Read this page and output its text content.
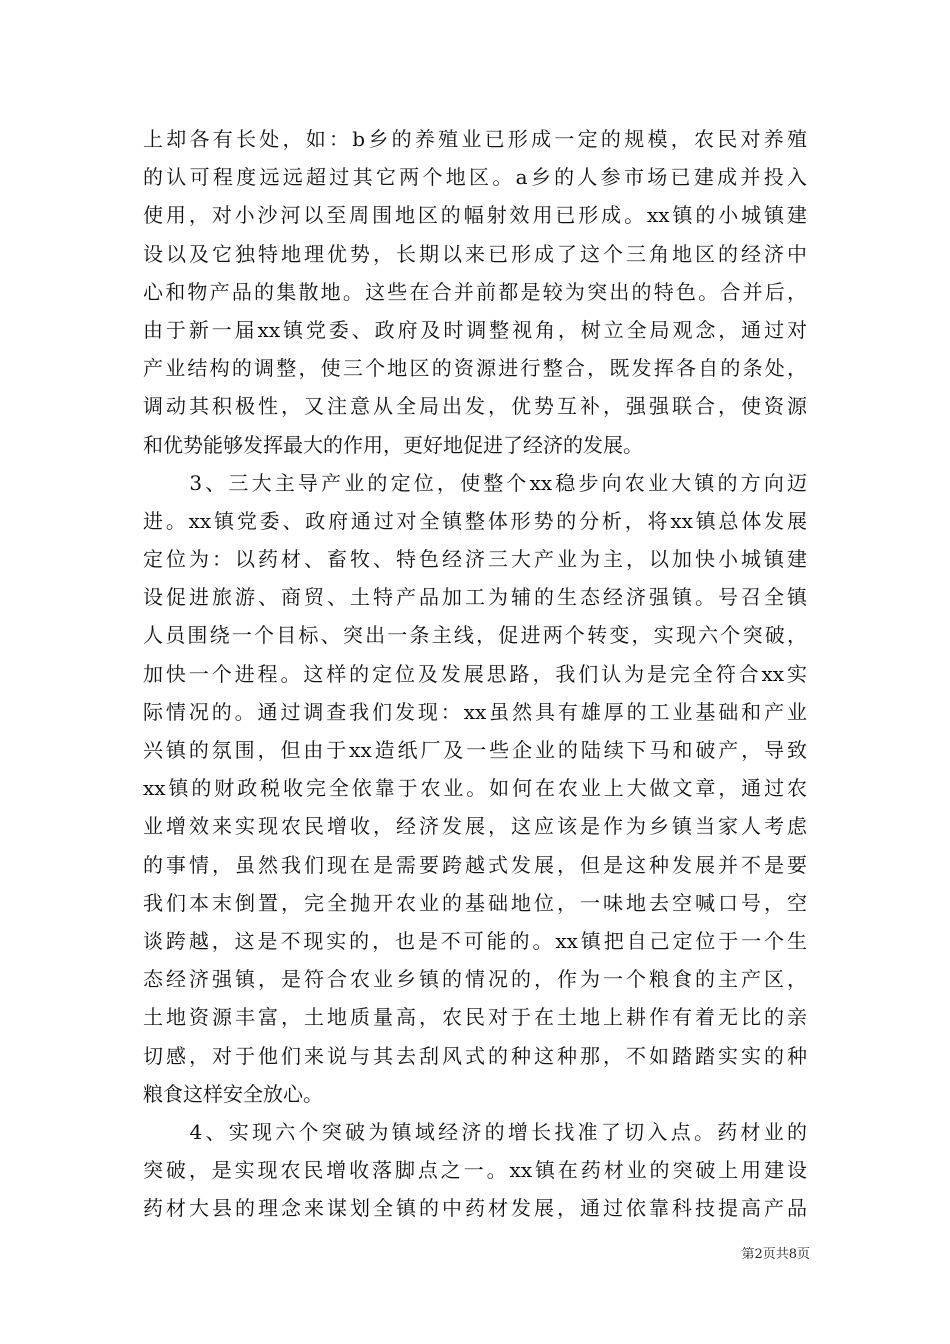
上却各有长处，如：b乡的养殖业已形成一定的规模，农民对养殖
的认可程度远远超过其它两个地区。a乡的人参市场已建成并投入
使用，对小沙河以至周围地区的幅射效用已形成。xx镇的小城镇建
设以及它独特地理优势，长期以来已形成了这个三角地区的经济中
心和物产品的集散地。这些在合并前都是较为突出的特色。合并后，
由于新一届xx镇党委、政府及时调整视角，树立全局观念，通过对
产业结构的调整，使三个地区的资源进行整合，既发挥各自的条处，
调动其积极性，又注意从全局出发，优势互补，强强联合，使资源
和优势能够发挥最大的作用，更好地促进了经济的发展。
　　3、三大主导产业的定位，使整个xx稳步向农业大镇的方向迈
进。xx镇党委、政府通过对全镇整体形势的分析，将xx镇总体发展
定位为：以药材、畜牧、特色经济三大产业为主，以加快小城镇建
设促进旅游、商贸、土特产品加工为辅的生态经济强镇。号召全镇
人员围绕一个目标、突出一条主线，促进两个转变，实现六个突破，
加快一个进程。这样的定位及发展思路，我们认为是完全符合xx实
际情况的。通过调查我们发现：xx虽然具有雄厚的工业基础和产业
兴镇的氛围，但由于xx造纸厂及一些企业的陆续下马和破产，导致
xx镇的财政税收完全依靠于农业。如何在农业上大做文章，通过农
业增效来实现农民增收，经济发展，这应该是作为乡镇当家人考虑
的事情，虽然我们现在是需要跨越式发展，但是这种发展并不是要
我们本末倒置，完全抛开农业的基础地位，一味地去空喊口号，空
谈跨越，这是不现实的，也是不可能的。xx镇把自己定位于一个生
态经济强镇，是符合农业乡镇的情况的，作为一个粮食的主产区，
土地资源丰富，土地质量高，农民对于在土地上耕作有着无比的亲
切感，对于他们来说与其去刮风式的种这种那，不如踏踏实实的种
粮食这样安全放心。
　　4、实现六个突破为镇域经济的增长找准了切入点。药材业的
突破，是实现农民增收落脚点之一。xx镇在药材业的突破上用建设
药材大县的理念来谋划全镇的中药材发展，通过依靠科技提高产品
第2页共8页
